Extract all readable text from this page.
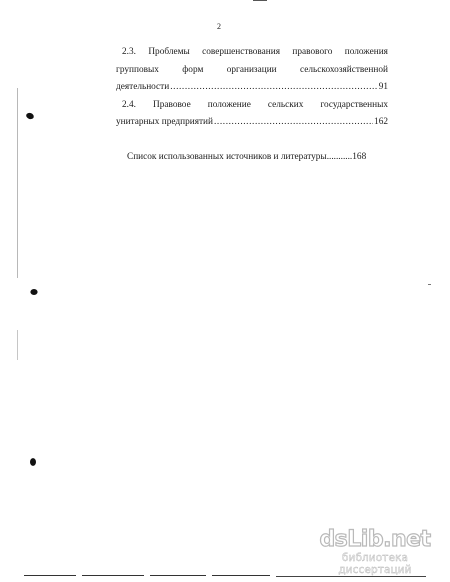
2
2.3. Проблемы совершенствования правового положения
групповых	форм	организации	сельскохозяйственной
деятельности .....	91
2.4. Правовое положение сельских государственных
унитарных предприятий .....	162
Список использованных источников и литературы...........168
dsLib.net
библиотека диссертаций
